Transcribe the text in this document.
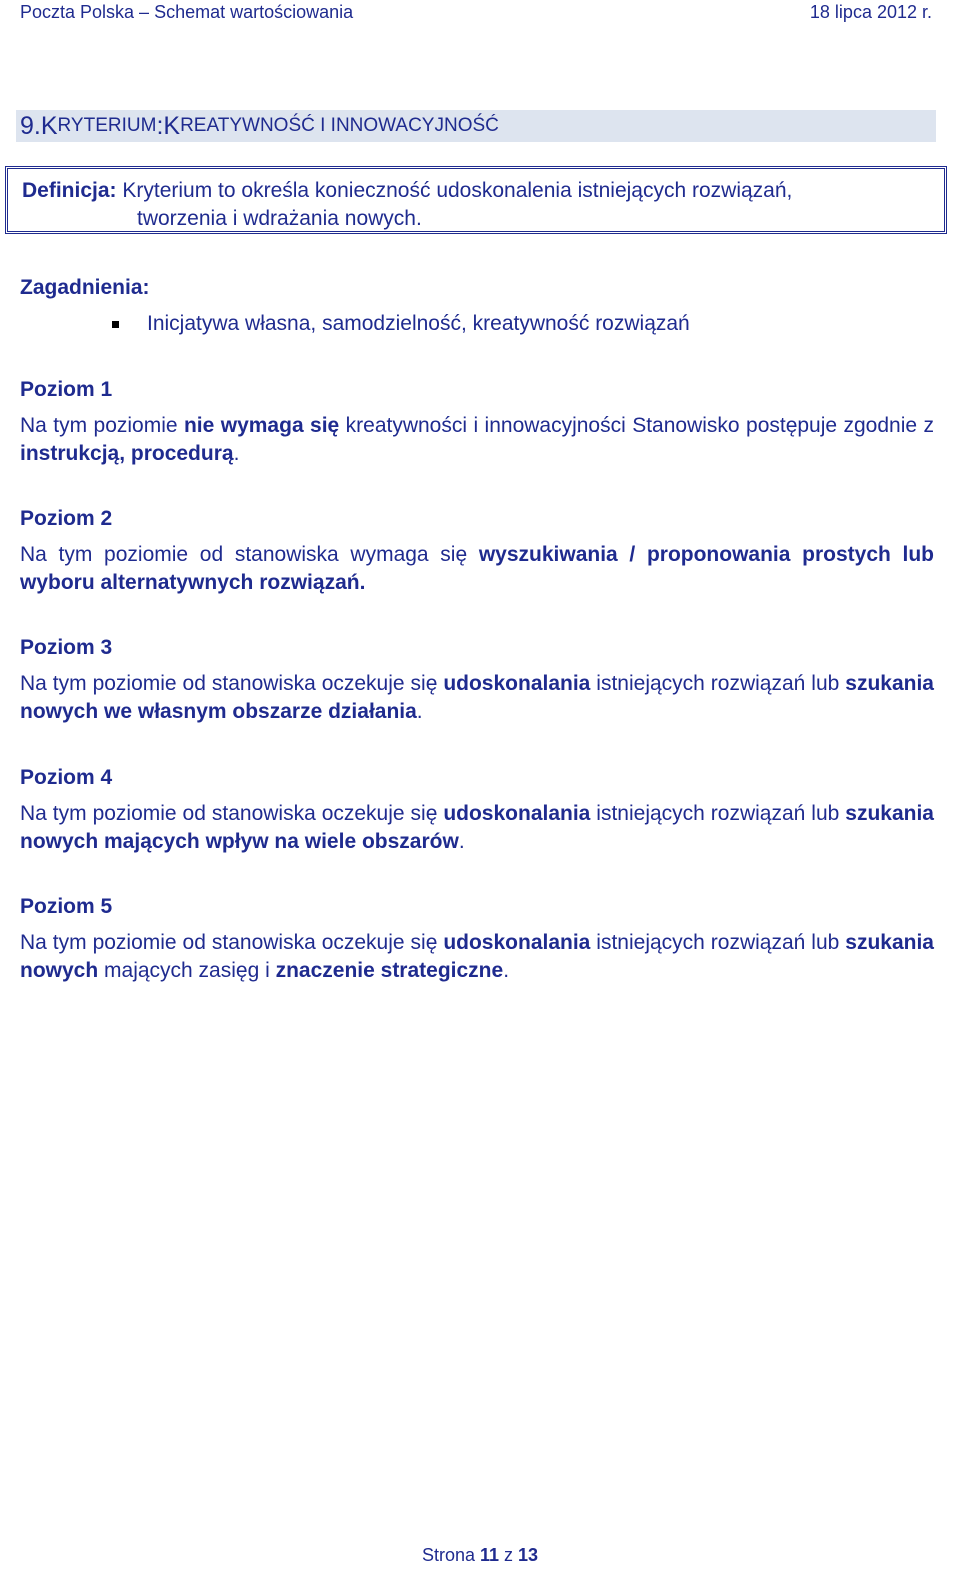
Poczta Polska – Schemat wartościowania	18 lipca 2012 r.
9. K RYTERIUM : K REATYWNOŚĆ I INNOWACYJNOŚĆ
Definicja: Kryterium to określa konieczność udoskonalenia istniejących rozwiązań,
tworzenia i wdrażania nowych.
Zagadnienia:
Inicjatywa własna, samodzielność, kreatywność rozwiązań
Poziom 1
Na tym poziomie nie wymaga się kreatywności i innowacyjności Stanowisko postępuje zgodnie z instrukcją, procedurą.
Poziom 2
Na tym poziomie od stanowiska wymaga się wyszukiwania / proponowania prostych lub wyboru alternatywnych rozwiązań.
Poziom 3
Na tym poziomie od stanowiska oczekuje się udoskonalania istniejących rozwiązań lub szukania nowych we własnym obszarze działania.
Poziom 4
Na tym poziomie od stanowiska oczekuje się udoskonalania istniejących rozwiązań lub szukania nowych mających wpływ na wiele obszarów.
Poziom 5
Na tym poziomie od stanowiska oczekuje się udoskonalania istniejących rozwiązań lub szukania nowych mających zasięg i znaczenie strategiczne.
Strona 11 z 13
